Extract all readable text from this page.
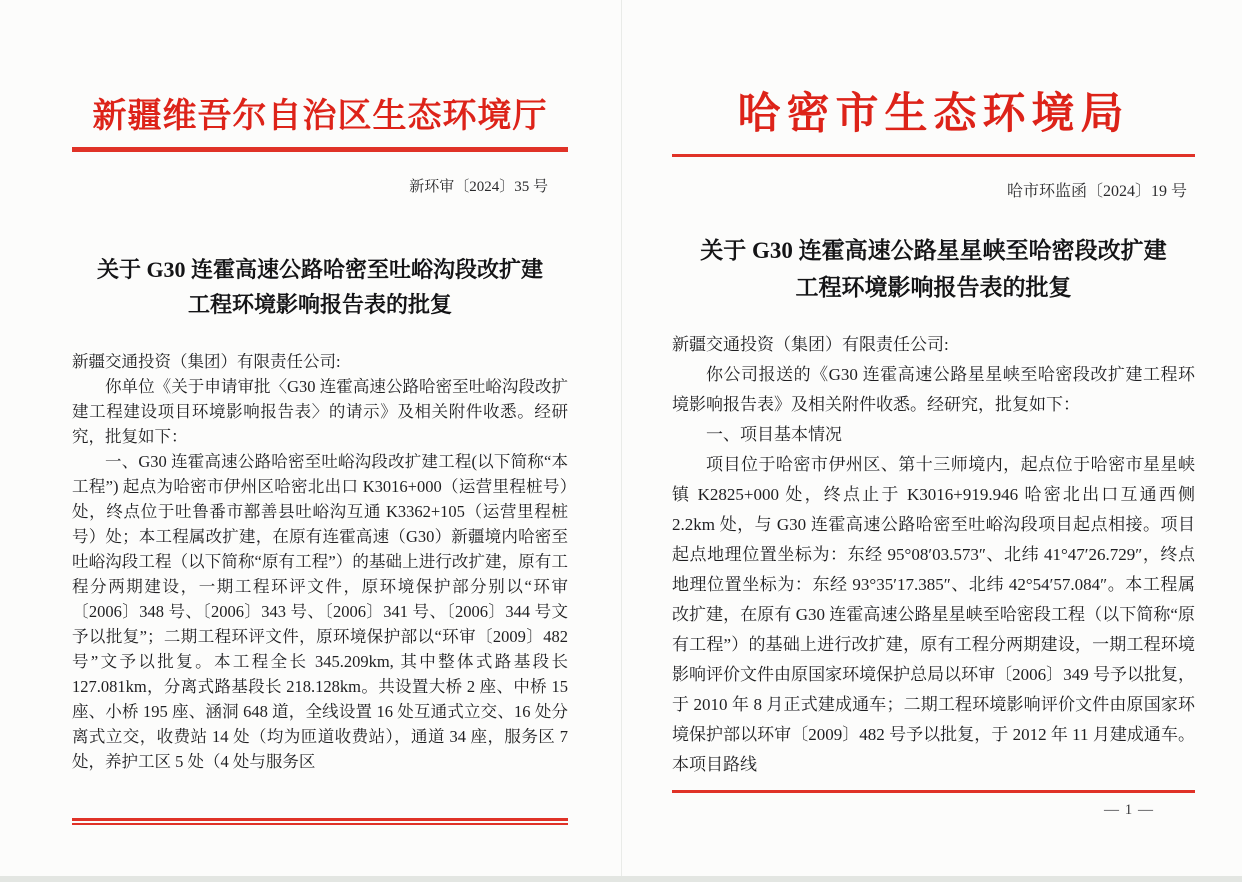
新疆维吾尔自治区生态环境厅
新环审〔2024〕35 号
关于 G30 连霍高速公路哈密至吐峪沟段改扩建
工程环境影响报告表的批复

新疆交通投资（集团）有限责任公司:

你单位《关于申请审批〈G30 连霍高速公路哈密至吐峪沟段改扩建工程建设项目环境影响报告表〉的请示》及相关附件收悉。经研究，批复如下：

一、G30 连霍高速公路哈密至吐峪沟段改扩建工程(以下简称“本工程”) 起点为哈密市伊州区哈密北出口 K3016+000（运营里程桩号）处，终点位于吐鲁番市鄯善县吐峪沟互通 K3362+105（运营里程桩号）处；本工程属改扩建，在原有连霍高速（G30）新疆境内哈密至吐峪沟段工程（以下简称“原有工程”）的基础上进行改扩建，原有工程分两期建设，一期工程环评文件，原环境保护部分别以“环审〔2006〕348 号、〔2006〕343 号、〔2006〕341 号、〔2006〕344 号文予以批复”；二期工程环评文件，原环境保护部以“环审〔2009〕482 号”文予以批复。本工程全长 345.209km, 其中整体式路基段长 127.081km，分离式路基段长 218.128km。共设置大桥 2 座、中桥 15 座、小桥 195 座、涵洞 648 道，全线设置 16 处互通式立交、16 处分离式立交，收费站 14 处（均为匝道收费站），通道 34 座，服务区 7 处，养护工区 5 处（4 处与服务区

哈密市生态环境局
哈市环监函〔2024〕19 号
关于 G30 连霍高速公路星星峡至哈密段改扩建
工程环境影响报告表的批复

新疆交通投资（集团）有限责任公司:

你公司报送的《G30 连霍高速公路星星峡至哈密段改扩建工程环境影响报告表》及相关附件收悉。经研究，批复如下：

一、项目基本情况

项目位于哈密市伊州区、第十三师境内，起点位于哈密市星星峡镇 K2825+000 处，终点止于 K3016+919.946 哈密北出口互通西侧 2.2km 处，与 G30 连霍高速公路哈密至吐峪沟段项目起点相接。项目起点地理位置坐标为：东经 95°08′03.573″、北纬 41°47′26.729″，终点地理位置坐标为：东经 93°35′17.385″、北纬 42°54′57.084″。本工程属改扩建，在原有 G30 连霍高速公路星星峡至哈密段工程（以下简称“原有工程”）的基础上进行改扩建，原有工程分两期建设，一期工程环境影响评价文件由原国家环境保护总局以环审〔2006〕349 号予以批复，于 2010 年 8 月正式建成通车；二期工程环境影响评价文件由原国家环境保护部以环审〔2009〕482 号予以批复，于 2012 年 11 月建成通车。本项目路线

— 1 —
